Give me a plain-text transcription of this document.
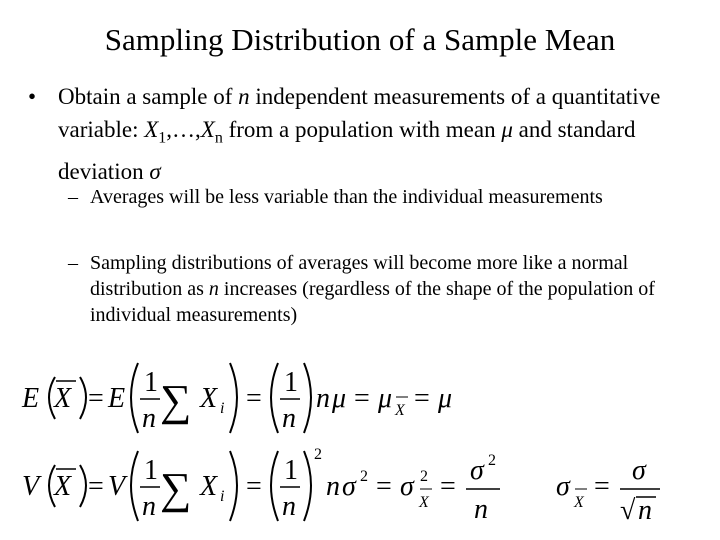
Sampling Distribution of a Sample Mean
• Obtain a sample of n independent measurements of a quantitative variable: $X_1,\dots,X_n$ from a population with mean μ and standard deviation σ
– Averages will be less variable than the individual measurements
– Sampling distributions of averages will become more like a normal distribution as n increases (regardless of the shape of the population of individual measurements)
E X = E
1
n ∑ X i =
1
n
n μ = μ X = μ
V X = V
1
n ∑ X i =
1
n
2
n σ 2 = σ 2
X
=
σ 2
n
σ
X
=
σ
√ n
